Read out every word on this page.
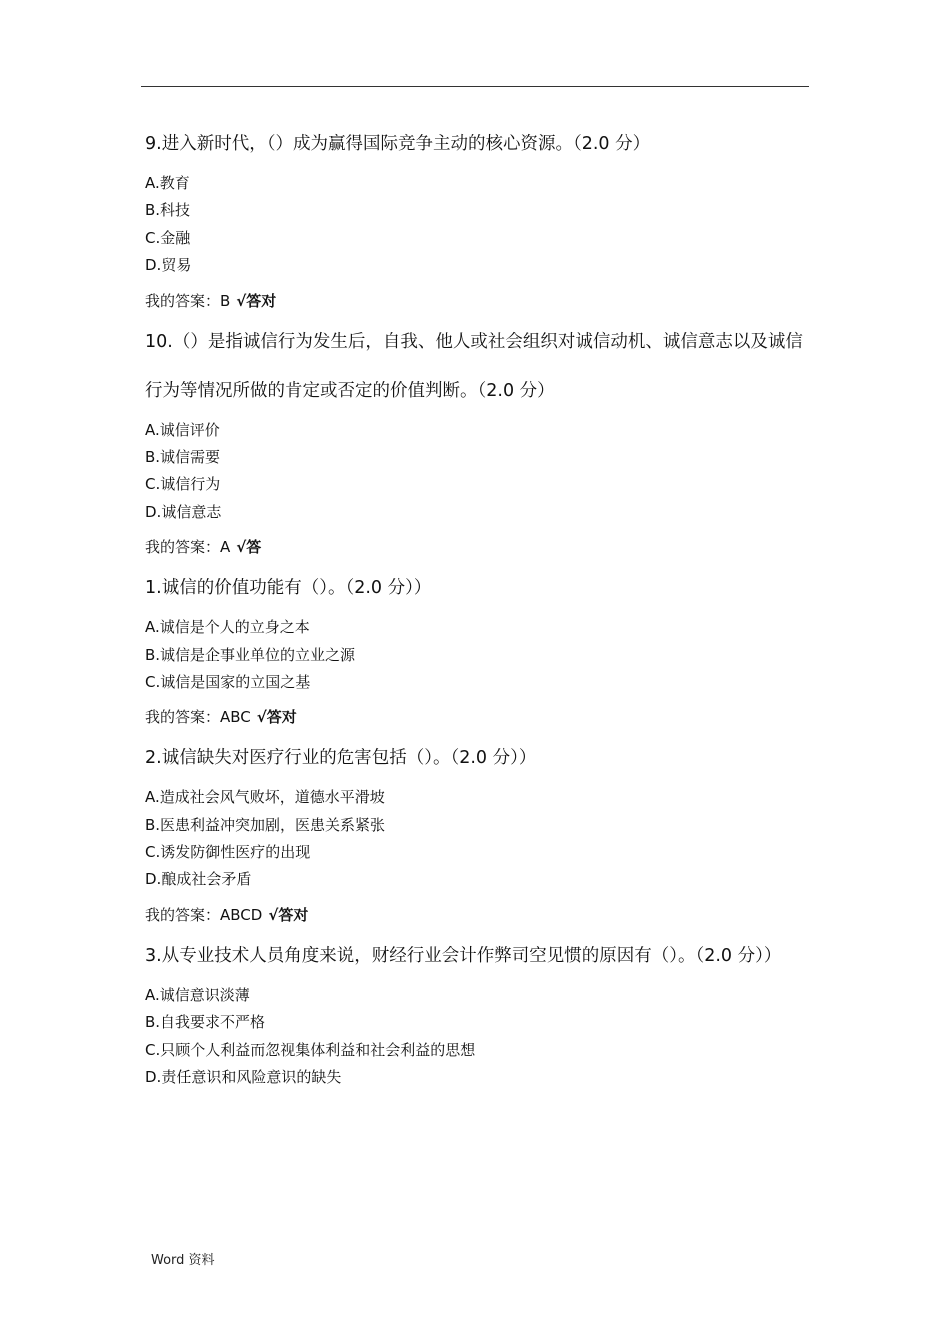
9.进入新时代，（）成为赢得国际竞争主动的核心资源。（2.0 分）
A.教育
B.科技
C.金融
D.贸易
我的答案：B √答对
10.（）是指诚信行为发生后，自我、他人或社会组织对诚信动机、诚信意志以及诚信行为等情况所做的肯定或否定的价值判断。（2.0 分）
A.诚信评价
B.诚信需要
C.诚信行为
D.诚信意志
我的答案：A √答
1.诚信的价值功能有（）。（2.0 分））
A.诚信是个人的立身之本
B.诚信是企事业单位的立业之源
C.诚信是国家的立国之基
我的答案：ABC √答对
2.诚信缺失对医疗行业的危害包括（）。（2.0 分））
A.造成社会风气败坏，道德水平滑坡
B.医患利益冲突加剧，医患关系紧张
C.诱发防御性医疗的出现
D.酿成社会矛盾
我的答案：ABCD √答对
3.从专业技术人员角度来说，财经行业会计作弊司空见惯的原因有（）。（2.0 分））
A.诚信意识淡薄
B.自我要求不严格
C.只顾个人利益而忽视集体利益和社会利益的思想
D.责任意识和风险意识的缺失
Word 资料
